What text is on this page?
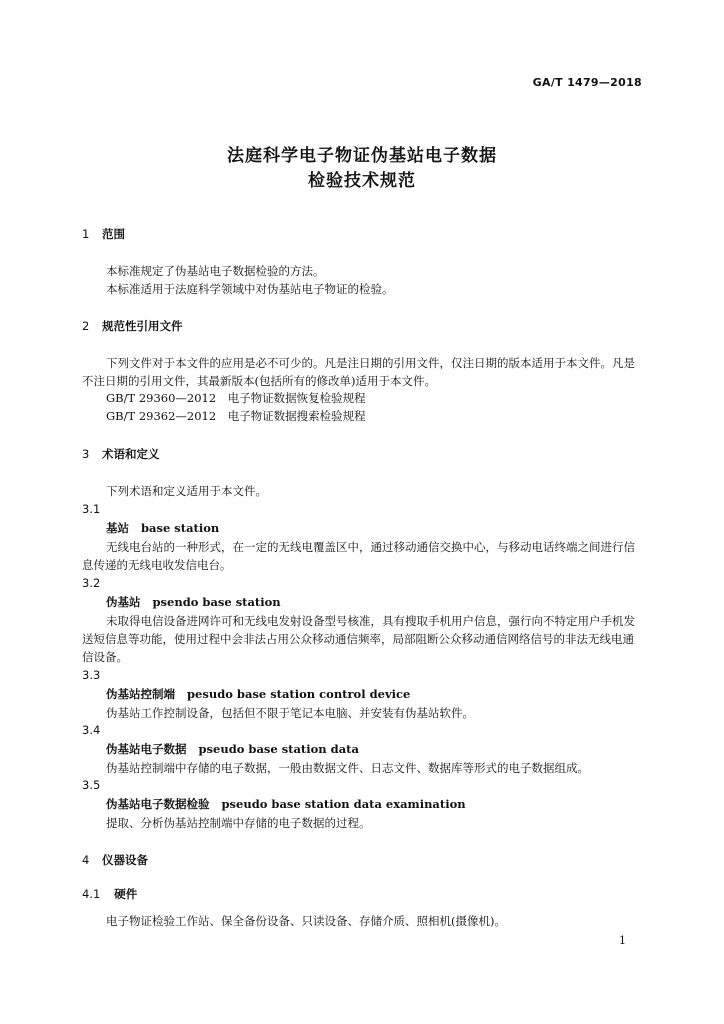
GA/T 1479—2018
法庭科学电子物证伪基站电子数据
检验技术规范
1 范围
本标准规定了伪基站电子数据检验的方法。
本标准适用于法庭科学领域中对伪基站电子物证的检验。
2 规范性引用文件
下列文件对于本文件的应用是必不可少的。凡是注日期的引用文件，仅注日期的版本适用于本文件。凡是不注日期的引用文件，其最新版本(包括所有的修改单)适用于本文件。
GB/T 29360—2012　电子物证数据恢复检验规程
GB/T 29362—2012　电子物证数据搜索检验规程
3 术语和定义
下列术语和定义适用于本文件。
3.1
基站 base station
无线电台站的一种形式，在一定的无线电覆盖区中，通过移动通信交换中心，与移动电话终端之间进行信息传递的无线电收发信电台。
3.2
伪基站 psendo base station
未取得电信设备进网许可和无线电发射设备型号核准，具有搜取手机用户信息，强行向不特定用户手机发送短信息等功能，使用过程中会非法占用公众移动通信频率，局部阻断公众移动通信网络信号的非法无线电通信设备。
3.3
伪基站控制端 pesudo base station control device
伪基站工作控制设备，包括但不限于笔记本电脑、并安装有伪基站软件。
3.4
伪基站电子数据 pseudo base station data
伪基站控制端中存储的电子数据，一般由数据文件、日志文件、数据库等形式的电子数据组成。
3.5
伪基站电子数据检验 pseudo base station data examination
提取、分析伪基站控制端中存储的电子数据的过程。
4 仪器设备
4.1 硬件
电子物证检验工作站、保全备份设备、只读设备、存储介质、照相机(摄像机)。
1
